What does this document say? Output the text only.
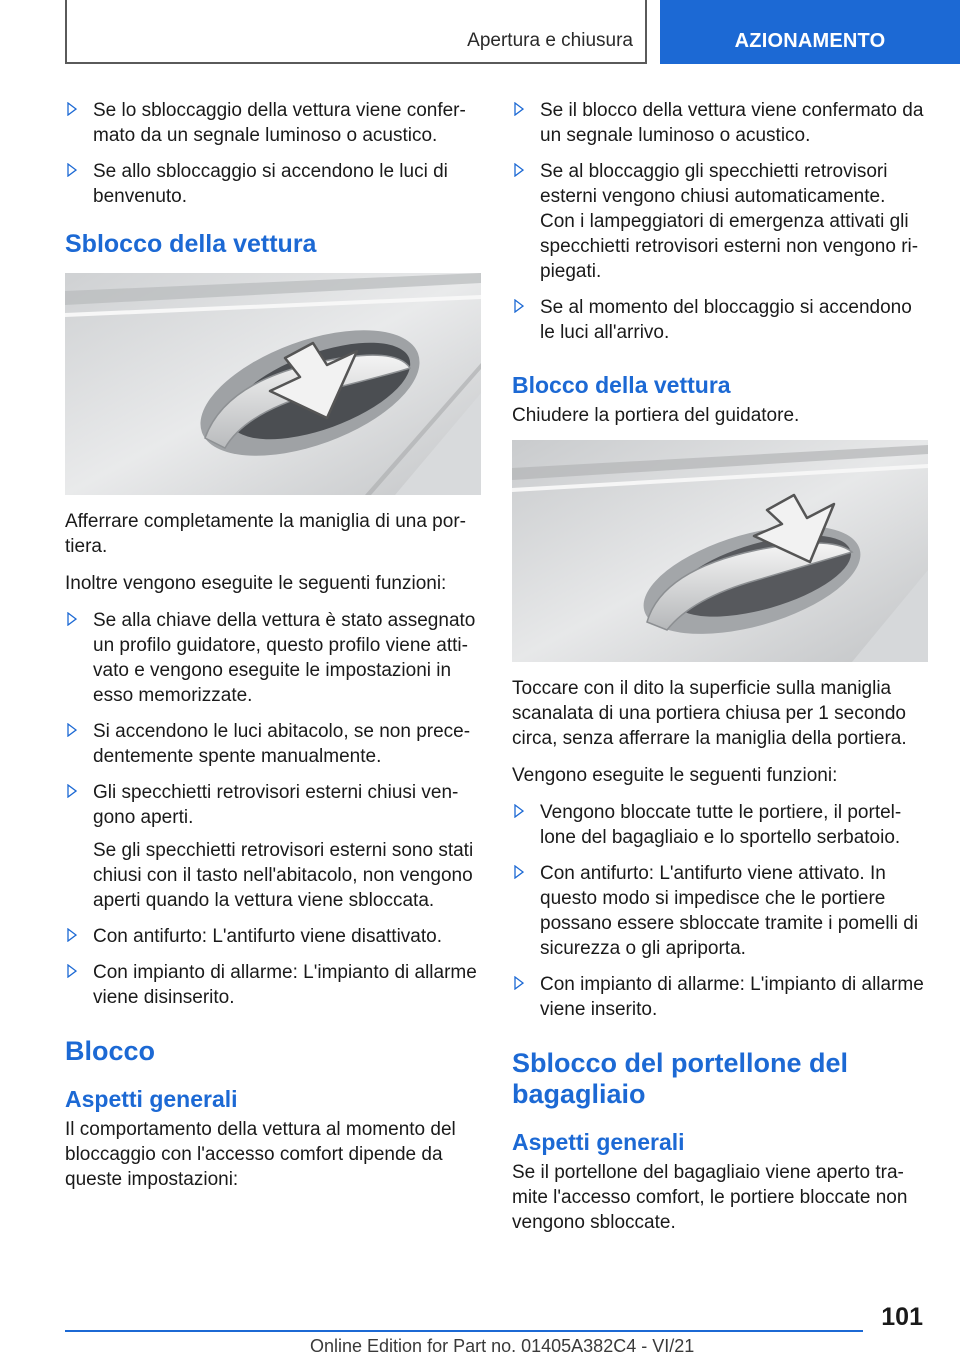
Apertura e chiusura	AZIONAMENTO
Se lo sbloccaggio della vettura viene confermato da un segnale luminoso o acustico.
Se allo sbloccaggio si accendono le luci di benvenuto.
Sblocco della vettura
Afferrare completamente la maniglia di una portiera.
Inoltre vengono eseguite le seguenti funzioni:
Se alla chiave della vettura è stato assegnato un profilo guidatore, questo profilo viene attivato e vengono eseguite le impostazioni in esso memorizzate.
Si accendono le luci abitacolo, se non precedentemente spente manualmente.
Gli specchietti retrovisori esterni chiusi vengono aperti.
Se gli specchietti retrovisori esterni sono stati chiusi con il tasto nell'abitacolo, non vengono aperti quando la vettura viene sbloccata.
Con antifurto: L'antifurto viene disattivato.
Con impianto di allarme: L'impianto di allarme viene disinserito.
Blocco
Aspetti generali
Il comportamento della vettura al momento del bloccaggio con l'accesso comfort dipende da queste impostazioni:
Se il blocco della vettura viene confermato da un segnale luminoso o acustico.
Se al bloccaggio gli specchietti retrovisori esterni vengono chiusi automaticamente.
Con i lampeggiatori di emergenza attivati gli specchietti retrovisori esterni non vengono ripiegati.
Se al momento del bloccaggio si accendono le luci all'arrivo.
Blocco della vettura
Chiudere la portiera del guidatore.
Toccare con il dito la superficie sulla maniglia scanalata di una portiera chiusa per 1 secondo circa, senza afferrare la maniglia della portiera.
Vengono eseguite le seguenti funzioni:
Vengono bloccate tutte le portiere, il portellone del bagagliaio e lo sportello serbatoio.
Con antifurto: L'antifurto viene attivato. In questo modo si impedisce che le portiere possano essere sbloccate tramite i pomelli di sicurezza o gli apriporta.
Con impianto di allarme: L'impianto di allarme viene inserito.
Sblocco del portellone del bagagliaio
Aspetti generali
Se il portellone del bagagliaio viene aperto tramite l'accesso comfort, le portiere bloccate non vengono sbloccate.
101
Online Edition for Part no. 01405A382C4 - VI/21
